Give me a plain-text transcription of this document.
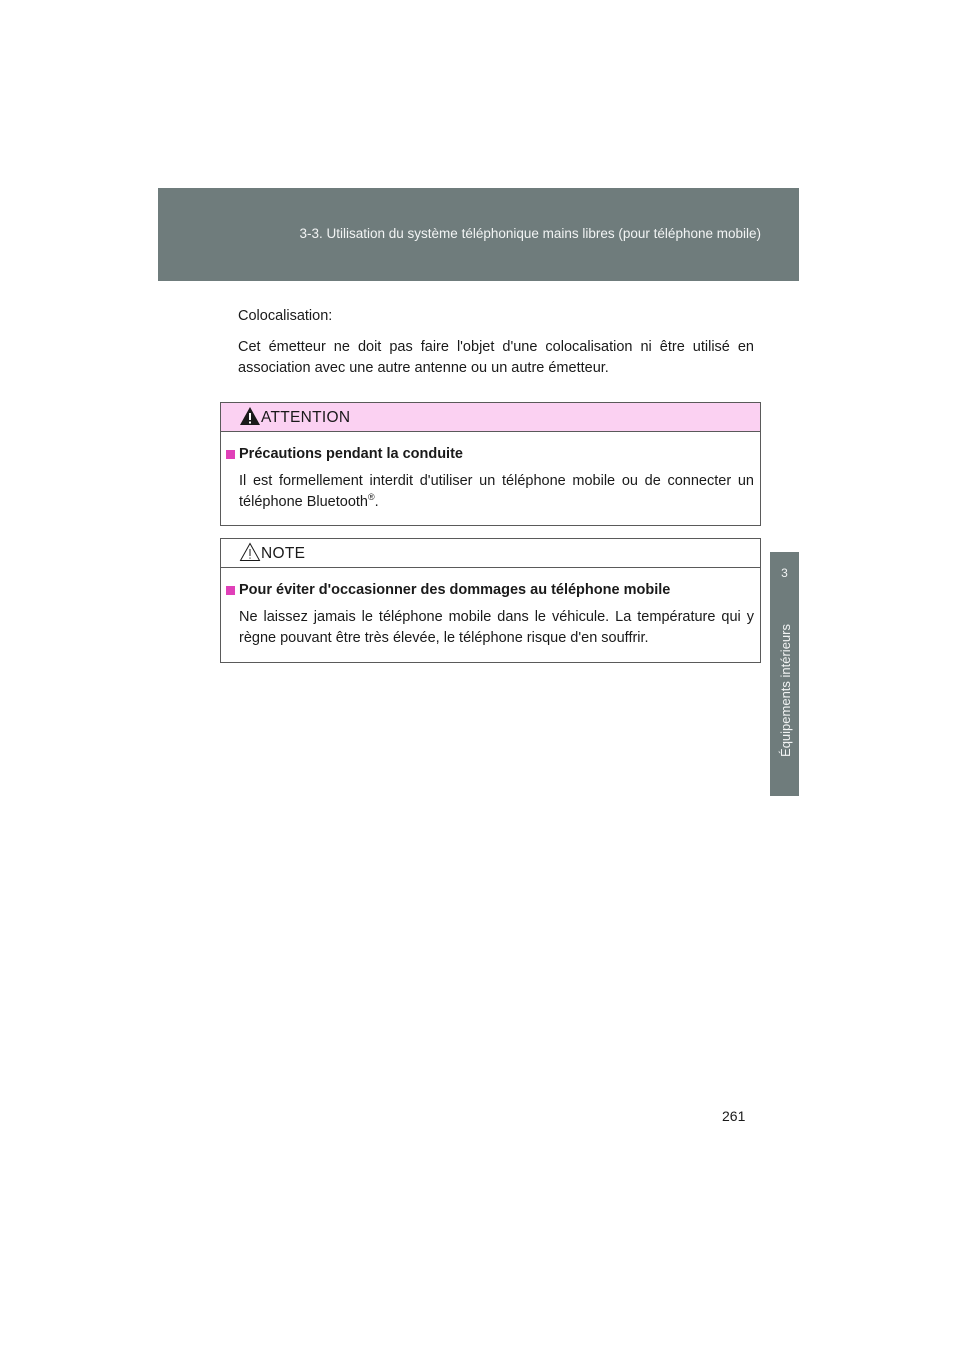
3-3. Utilisation du système téléphonique mains libres (pour téléphone mobile)
3
Équipements intérieurs

Colocalisation:

Cet émetteur ne doit pas faire l'objet d'une colocalisation ni être utilisé en association avec une autre antenne ou un autre émetteur.

ATTENTION
Précautions pendant la conduite
Il est formellement interdit d'utiliser un téléphone mobile ou de connecter un téléphone Bluetooth®.
NOTE
Pour éviter d'occasionner des dommages au téléphone mobile
Ne laissez jamais le téléphone mobile dans le véhicule. La température qui y règne pouvant être très élevée, le téléphone risque d'en souffrir.
261
